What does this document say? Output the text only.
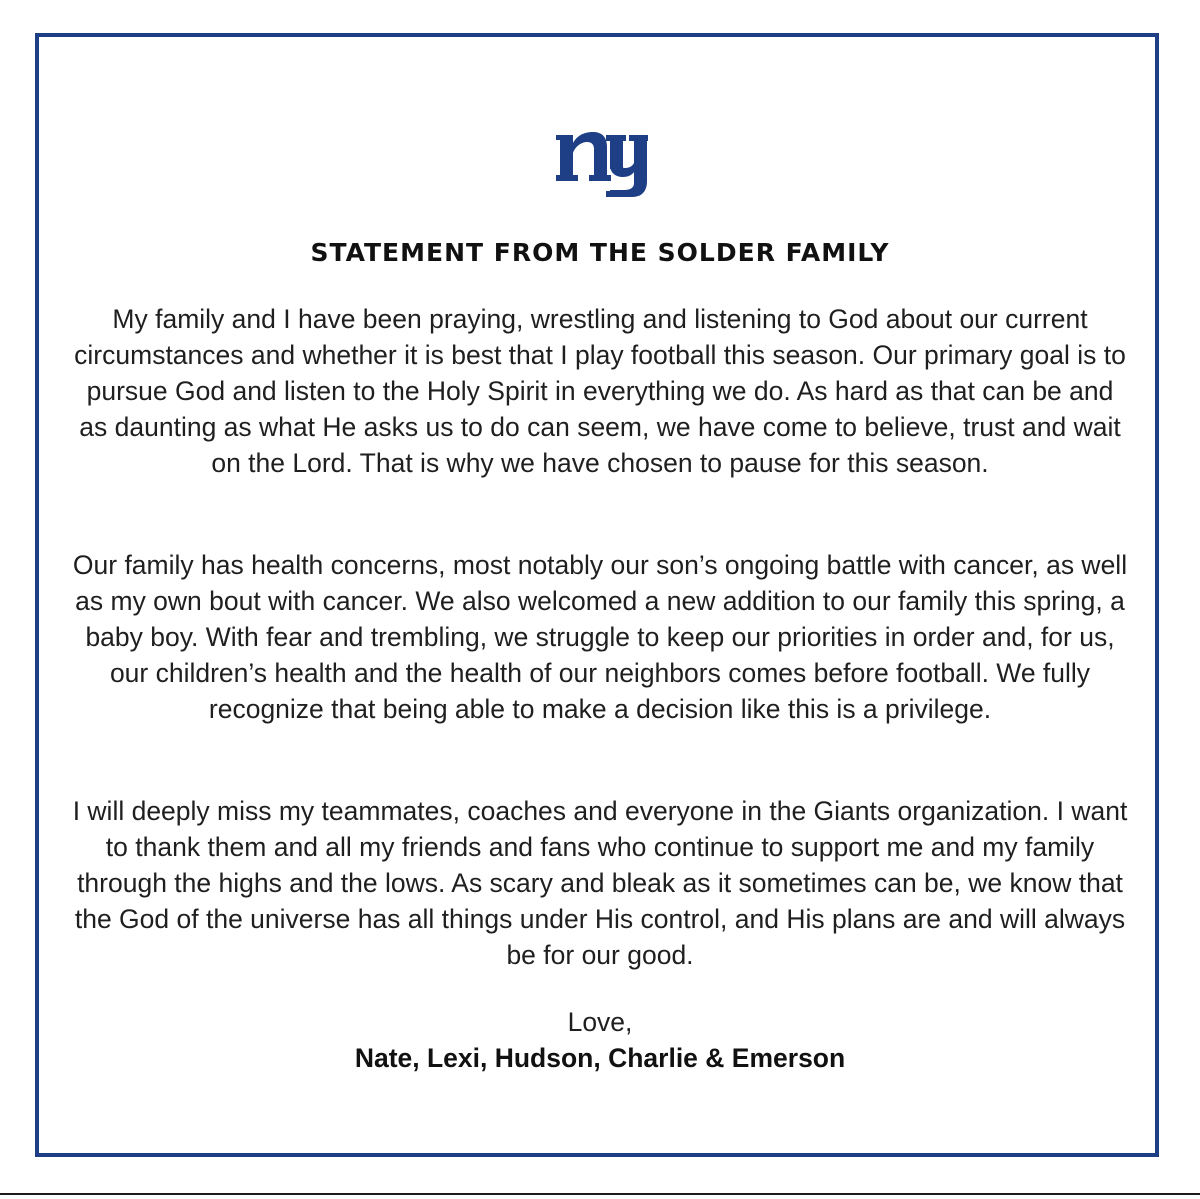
STATEMENT FROM THE SOLDER FAMILY
My family and I have been praying, wrestling and listening to God about our current circumstances and whether it is best that I play football this season. Our primary goal is to pursue God and listen to the Holy Spirit in everything we do. As hard as that can be and as daunting as what He asks us to do can seem, we have come to believe, trust and wait on the Lord. That is why we have chosen to pause for this season.
Our family has health concerns, most notably our son’s ongoing battle with cancer, as well as my own bout with cancer. We also welcomed a new addition to our family this spring, a baby boy. With fear and trembling, we struggle to keep our priorities in order and, for us, our children’s health and the health of our neighbors comes before football. We fully recognize that being able to make a decision like this is a privilege.
I will deeply miss my teammates, coaches and everyone in the Giants organization. I want to thank them and all my friends and fans who continue to support me and my family through the highs and the lows. As scary and bleak as it sometimes can be, we know that the God of the universe has all things under His control, and His plans are and will always be for our good.
Love,
Nate, Lexi, Hudson, Charlie & Emerson
